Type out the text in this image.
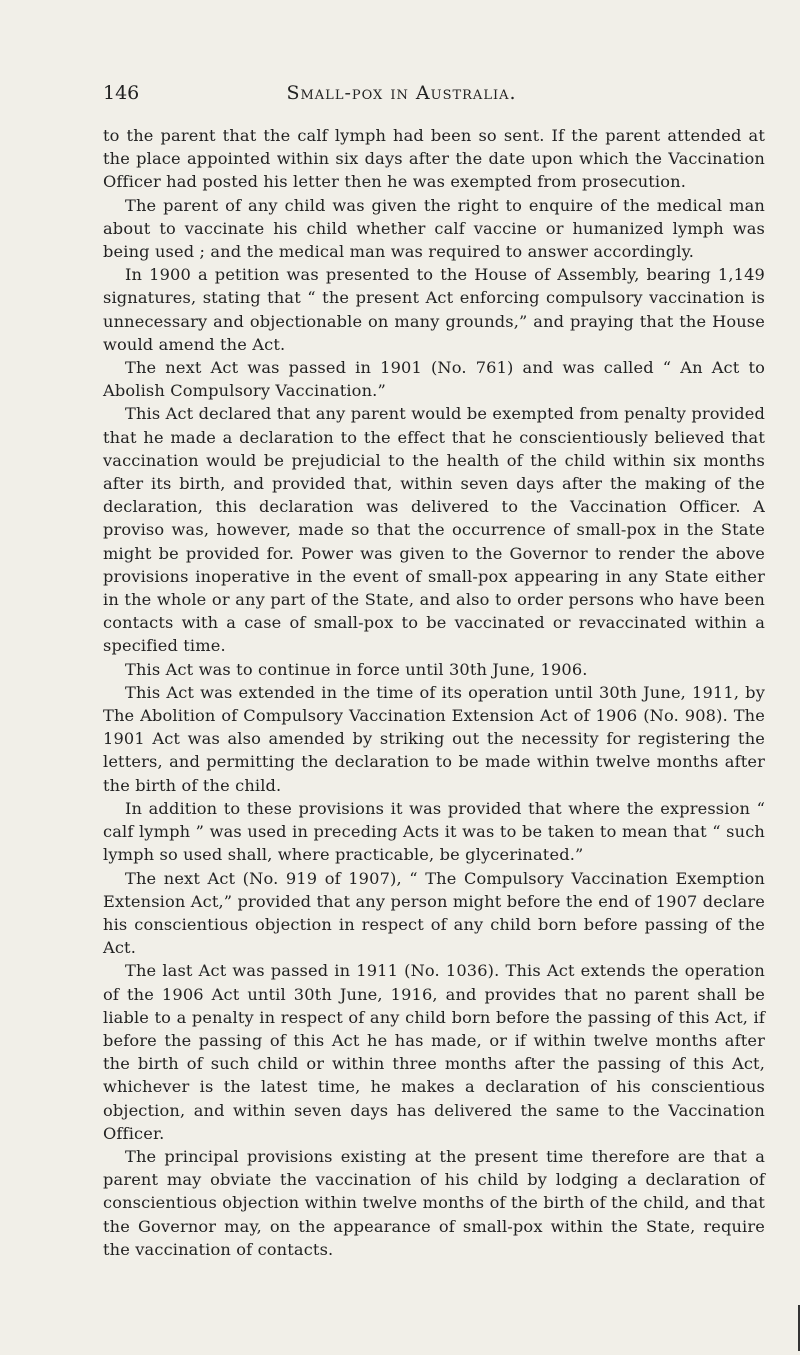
146	Small-pox in Australia.

to the parent that the calf lymph had been so sent. If the parent attended at the place appointed within six days after the date upon which the Vaccination Officer had posted his letter then he was exempted from prosecution.

The parent of any child was given the right to enquire of the medical man about to vaccinate his child whether calf vaccine or humanized lymph was being used ; and the medical man was required to answer accordingly.

In 1900 a petition was presented to the House of Assembly, bearing 1,149 signatures, stating that “ the present Act enforcing compulsory vaccination is unnecessary and objectionable on many grounds,” and praying that the House would amend the Act.

The next Act was passed in 1901 (No. 761) and was called “ An Act to Abolish Compulsory Vaccination.”

This Act declared that any parent would be exempted from penalty provided that he made a declaration to the effect that he conscientiously believed that vaccination would be prejudicial to the health of the child within six months after its birth, and provided that, within seven days after the making of the declaration, this declaration was delivered to the Vaccination Officer. A proviso was, however, made so that the occurrence of small-pox in the State might be provided for. Power was given to the Governor to render the above provisions inoperative in the event of small-pox appearing in any State either in the whole or any part of the State, and also to order persons who have been contacts with a case of small-pox to be vaccinated or revaccinated within a specified time.

This Act was to continue in force until 30th June, 1906.

This Act was extended in the time of its operation until 30th June, 1911, by The Abolition of Compulsory Vaccination Extension Act of 1906 (No. 908). The 1901 Act was also amended by striking out the necessity for registering the letters, and permitting the declaration to be made within twelve months after the birth of the child.

In addition to these provisions it was provided that where the expression “ calf lymph ” was used in preceding Acts it was to be taken to mean that “ such lymph so used shall, where practicable, be glycerinated.”

The next Act (No. 919 of 1907), “ The Compulsory Vaccination Exemption Extension Act,” provided that any person might before the end of 1907 declare his conscientious objection in respect of any child born before passing of the Act.

The last Act was passed in 1911 (No. 1036). This Act extends the operation of the 1906 Act until 30th June, 1916, and provides that no parent shall be liable to a penalty in respect of any child born before the passing of this Act, if before the passing of this Act he has made, or if within twelve months after the birth of such child or within three months after the passing of this Act, whichever is the latest time, he makes a declaration of his conscientious objection, and within seven days has delivered the same to the Vaccination Officer.

The principal provisions existing at the present time therefore are that a parent may obviate the vaccination of his child by lodging a declaration of conscientious objection within twelve months of the birth of the child, and that the Governor may, on the appearance of small-pox within the State, require the vaccination of contacts.
